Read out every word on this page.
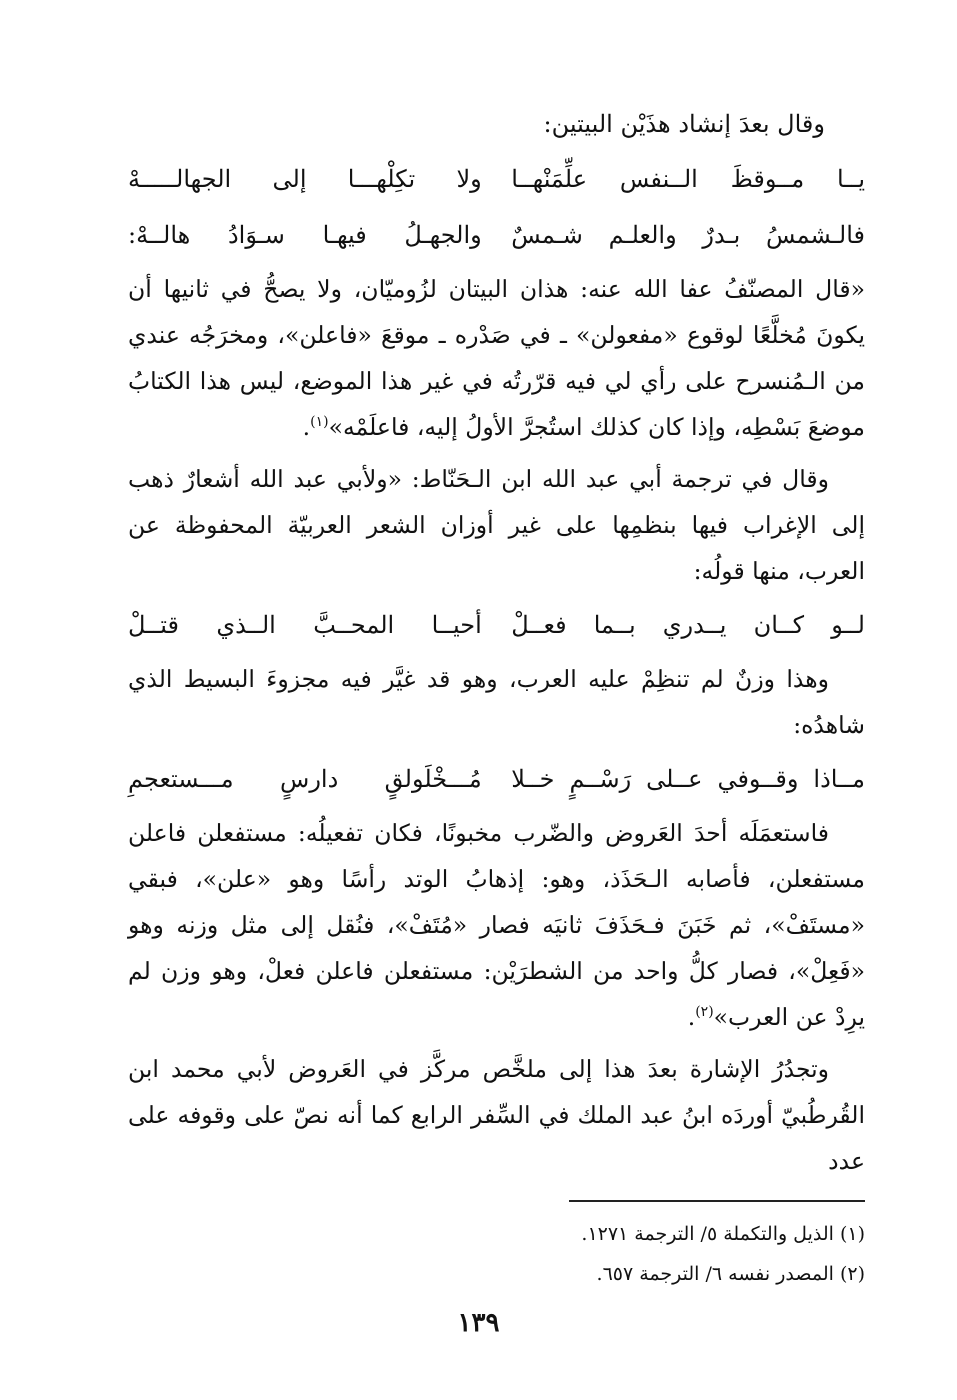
وقال بعدَ إنشاد هذَيْن البيتين:
يــا مــوقظَ الــنفس علِّمَنْهــا
ولا تكِلْهـــا إلى الجهالـــــهْ
فالـشمسُ بـدرٌ والعلـم شـمسٌ
والجهـلُ فيهـا سـوَادُ هالــهْ:

«قال المصنّفُ عفا الله عنه: هذان البيتان لزُوميّان، ولا يصحُّ في ثانيها أن يكونَ مُخلَّعًا لوقوع «مفعولن» ـ في صَدْره ـ موقعَ «فاعلن»، ومخرَجُه عندي من الـمُنسرح على رأي لي فيه قرّرتُه في غير هذا الموضع، ليس هذا الكتابُ موضعَ بَسْطِه، وإذا كان كذلك استُجرَّ الأولُ إليه، فاعلَمْه»$^{(١)}$.

وقال في ترجمة أبي عبد الله ابن الـحَنّاط: «ولأبي عبد الله أشعارٌ ذهب إلى الإغراب فيها بنظمِها على غير أوزان الشعر العربيّة المحفوظة عن العرب، منها قولُه:

لــو كــان يــدري بــما فعــلْ
أحيــا المحــبَّ الــذي قتــلْ

وهذا وزنٌ لم تنظِمْ عليه العرب، وهو قد غيَّر فيه مجزوءَ البسيط الذي شاهدُه:

مــاذا وقــوفي عــلى رَسْــمٍ خــلا
مُـــخْلَولقٍ دارسٍ مـــستعجمِ

فاستعمَلَه أحدَ العَروض والضّرب مخبونًا، فكان تفعيلُه: مستفعلن فاعلن مستفعلن، فأصابه الـحَذَذ، وهو: إذهابُ الوتد رأسًا وهو «علن»، فبقي «مستَفْ»، ثم خَبَنَ فـحَذَفَ ثانيَه فصار «مُتَفْ»، فنُقل إلى مثل وزنه وهو «فَعِلْ»، فصار كلُّ واحد من الشطرَيْن: مستفعلن فاعلن فعلْ، وهو وزن لم يرِدْ عن العرب»$^{(٢)}$.

وتجدُرُ الإشارة بعدَ هذا إلى ملخَّص مركَّز في العَروض لأبي محمد ابن القُرطُبيّ أوردَه ابنُ عبد الملك في السِّفر الرابع كما أنه نصّ على وقوفه على عدد

(١) الذيل والتكملة ٥/ الترجمة ١٢٧١.
(٢) المصدر نفسه ٦/ الترجمة ٦٥٧.
١٣٩
